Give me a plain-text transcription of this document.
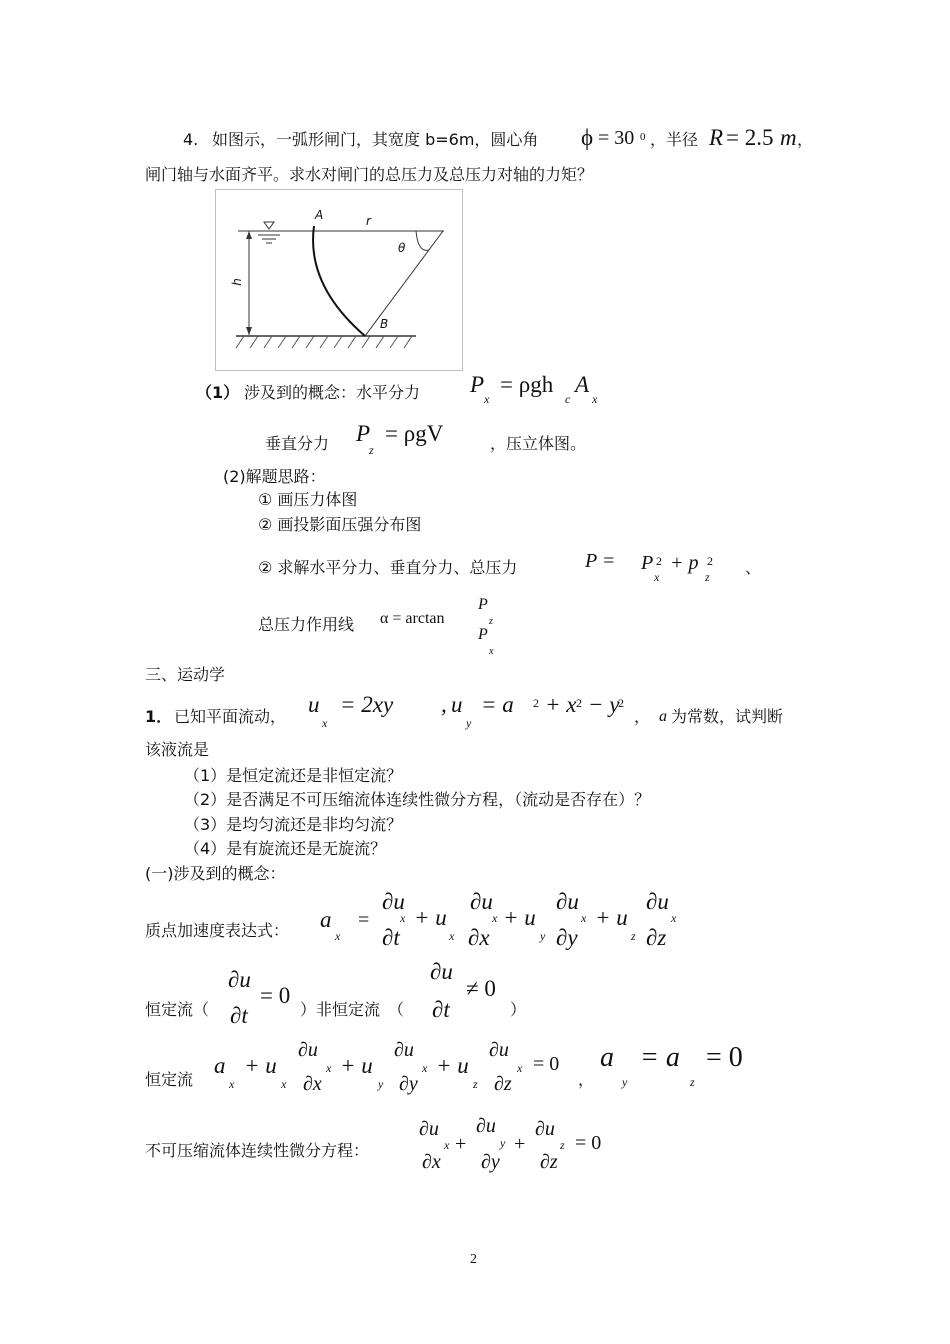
4. 如图示，一弧形闸门，其宽度 b=6m，圆心角 ϕ = 30 0 ，半径 R = 2.5 m ，
闸门轴与水面齐平。求水对闸门的总压力及总压力对轴的力矩？
A	r
θ
h
B
（1） 涉及到的概念：水平分力 P
x
= ρgh
c
A
x
垂直分力 P
z
= ρgV	，压立体图。
(2)解题思路：
① 画压力体图
② 画投影面压强分布图
② 求解水平分力、垂直分力、总压力	P = P 2
x
+ p 2
z 、
总压力作用线 α = arctan
P
z
P
x
三、运动学
1． 已知平面流动， u
x
= 2xy , u
y
= a 2 + x 2 − y
2
， a 为常数，试判断
该液流是
（1）是恒定流还是非恒定流？
（2）是否满足不可压缩流体连续性微分方程，（流动是否存在）？
（3）是均匀流还是非均匀流？
（4）是有旋流还是无旋流？
(一)涉及到的概念：
质点加速度表达式： a
x
=
∂u
∂t
x + u
x
∂u
∂x
x + u
y
∂u
∂y
x + u
z
∂u
∂z
x
恒定流（
∂u
∂t
= 0
）非恒定流　（
∂u
∂t
≠ 0
）
恒定流
a
x
+ u
x
∂u
∂x
x + u
y
∂u
∂y
x + u
z
∂u
∂z
x = 0
，
a
y
= a
z
= 0
不可压缩流体连续性微分方程：
∂u
∂x
x +
∂u
∂y
y +
∂u
∂z
z = 0
2
